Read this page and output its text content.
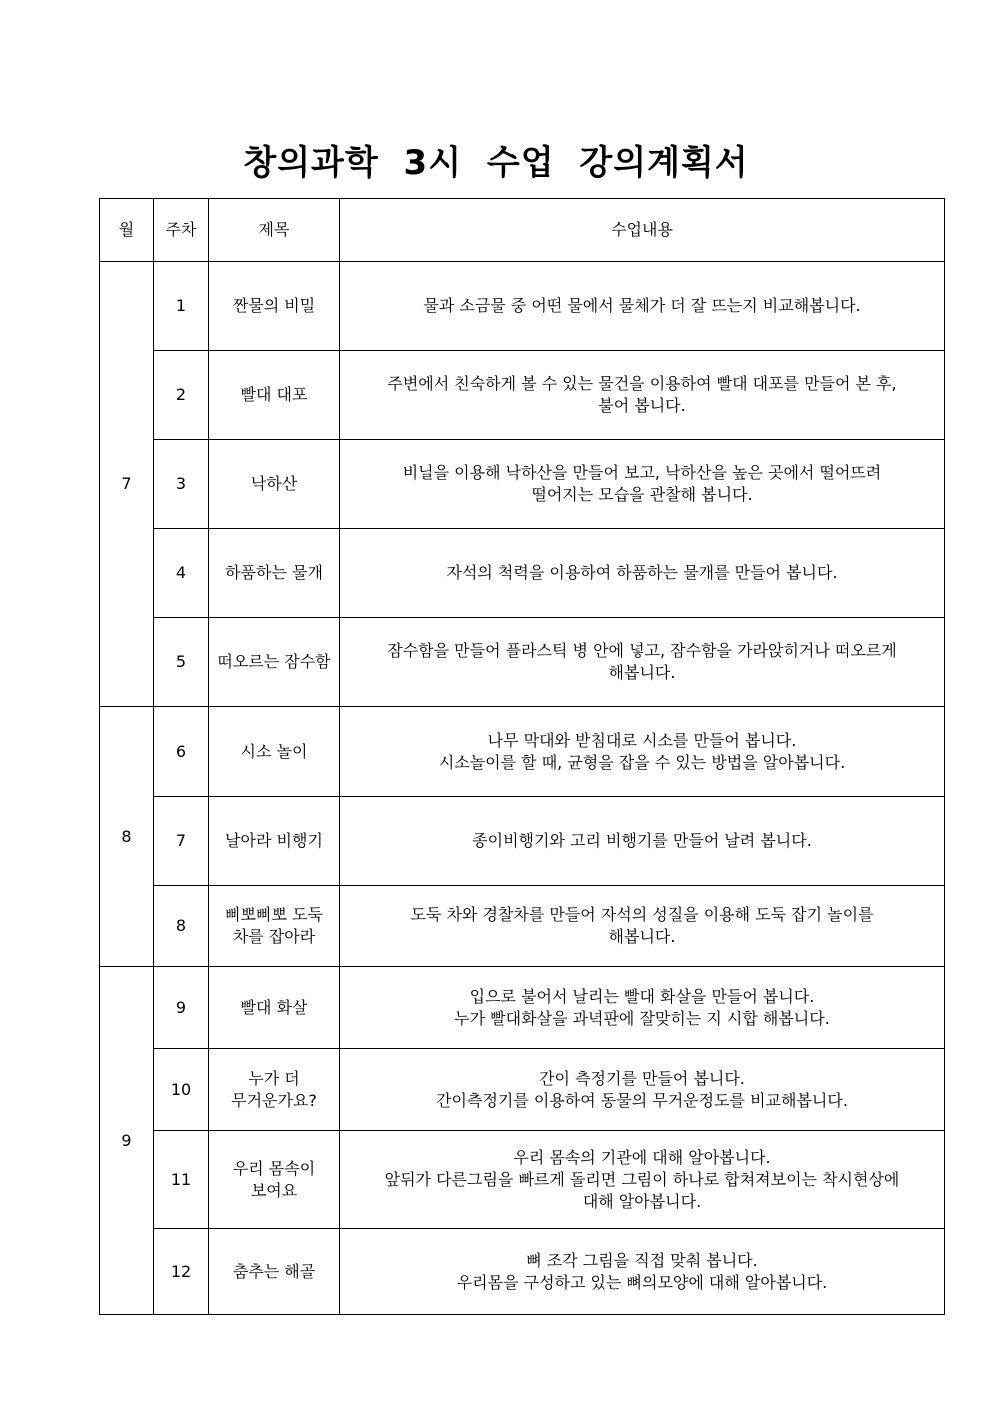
창의과학 3시 수업 강의계획서
월	주차	제목	수업내용
7	1	짠물의 비밀	물과 소금물 중 어떤 물에서 물체가 더 잘 뜨는지 비교해봅니다.
	2	빨대 대포	주변에서 친숙하게 볼 수 있는 물건을 이용하여 빨대 대포를 만들어 본 후,
불어 봅니다.
	3	낙하산	비닐을 이용해 낙하산을 만들어 보고, 낙하산을 높은 곳에서 떨어뜨려
떨어지는 모습을 관찰해 봅니다.
	4	하품하는 물개	자석의 척력을 이용하여 하품하는 물개를 만들어 봅니다.
	5	떠오르는 잠수함	잠수함을 만들어 플라스틱 병 안에 넣고, 잠수함을 가라앉히거나 떠오르게
해봅니다.
8	6	시소 놀이	나무 막대와 받침대로 시소를 만들어 봅니다.
시소놀이를 할 때, 균형을 잡을 수 있는 방법을 알아봅니다.
	7	날아라 비행기	종이비행기와 고리 비행기를 만들어 날려 봅니다.
	8	삐뽀삐뽀 도둑
차를 잡아라	도둑 차와 경찰차를 만들어 자석의 성질을 이용해 도둑 잡기 놀이를
해봅니다.
9	9	빨대 화살	입으로 불어서 날리는 빨대 화살을 만들어 봅니다.
누가 빨대화살을 과녁판에 잘맞히는 지 시합 해봅니다.
	10	누가 더
무거운가요?	간이 측정기를 만들어 봅니다.
간이측정기를 이용하여 동물의 무거운정도를 비교해봅니다.
	11	우리 몸속이
보여요	우리 몸속의 기관에 대해 알아봅니다.
앞뒤가 다른그림을 빠르게 돌리면 그림이 하나로 합쳐져보이는 착시현상에
대해 알아봅니다.
	12	춤추는 해골	뼈 조각 그림을 직접 맞춰 봅니다.
우리몸을 구성하고 있는 뼈의모양에 대해 알아봅니다.
